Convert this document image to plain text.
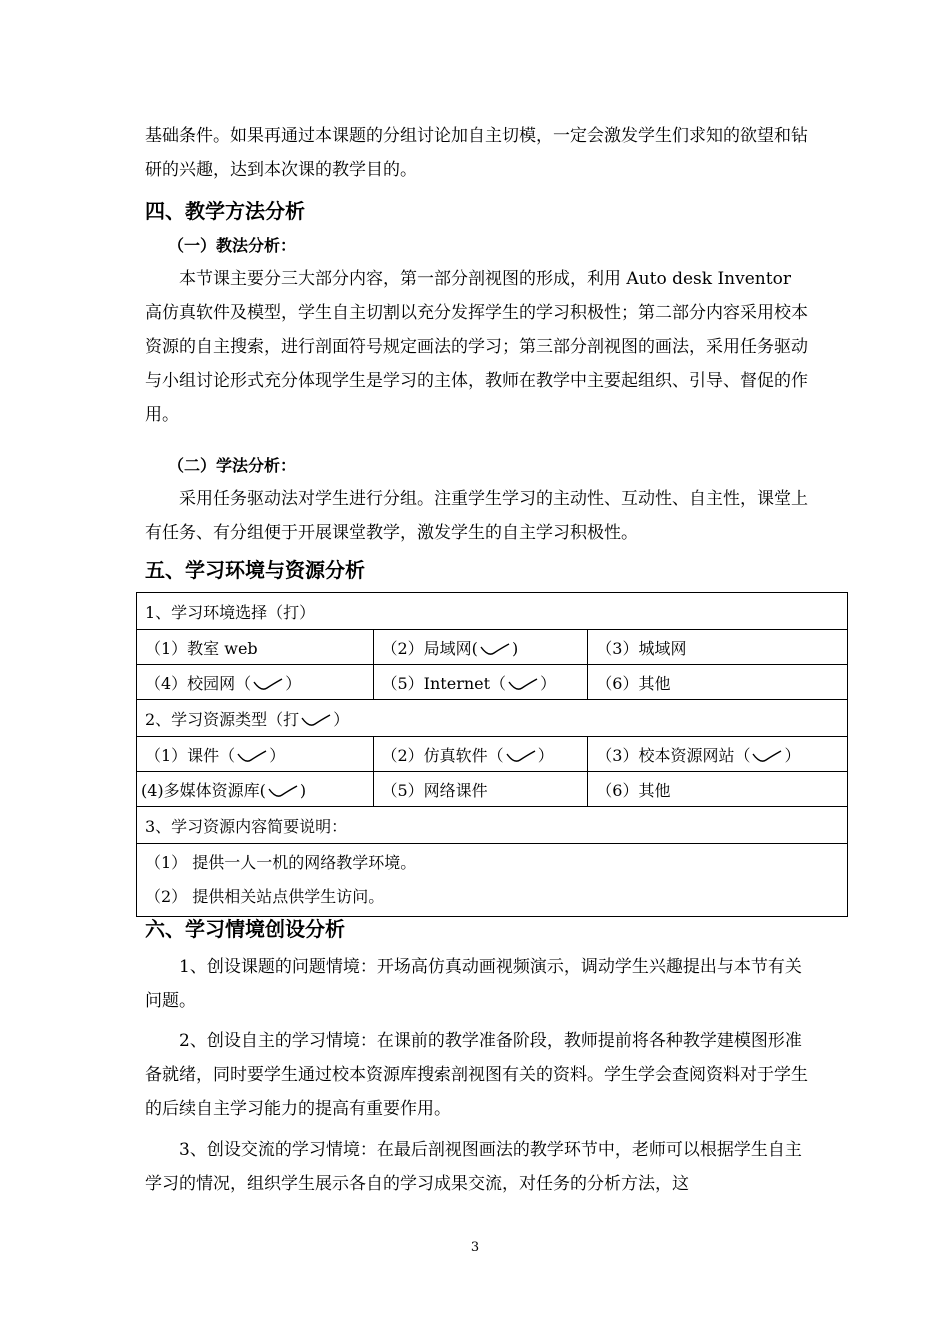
基础条件。如果再通过本课题的分组讨论加自主切模，一定会激发学生们求知的欲望和钻研的兴趣，达到本次课的教学目的。
四、教学方法分析
（一）教法分析：
本节课主要分三大部分内容，第一部分剖视图的形成，利用 Auto desk Inventor 高仿真软件及模型，学生自主切割以充分发挥学生的学习积极性；第二部分内容采用校本资源的自主搜索，进行剖面符号规定画法的学习；第三部分剖视图的画法，采用任务驱动与小组讨论形式充分体现学生是学习的主体，教师在教学中主要起组织、引导、督促的作用。
（二）学法分析：
采用任务驱动法对学生进行分组。注重学生学习的主动性、互动性、自主性，课堂上有任务、有分组便于开展课堂教学，激发学生的自主学习积极性。
五、学习环境与资源分析
1、学习环境选择（打）		
（1）教室 web	（2）局域网( )	（3）城域网
（4）校园网（ ）	（5）Internet（ ）	（6）其他
2、学习资源类型（打 ）		
（1）课件（ ）	（2）仿真软件（ ）	（3）校本资源网站（ ）
(4)多媒体资源库( )	（5）网络课件	（6）其他
3、学习资源内容简要说明：		

（1） 提供一人一机的网络教学环境。
（2） 提供相关站点供学生访问。		
六、学习情境创设分析
1、创设课题的问题情境：开场高仿真动画视频演示，调动学生兴趣提出与本节有关问题。
2、创设自主的学习情境：在课前的教学准备阶段，教师提前将各种教学建模图形准备就绪，同时要学生通过校本资源库搜索剖视图有关的资料。学生学会查阅资料对于学生的后续自主学习能力的提高有重要作用。
3、创设交流的学习情境：在最后剖视图画法的教学环节中，老师可以根据学生自主学习的情况，组织学生展示各自的学习成果交流，对任务的分析方法，这
3
